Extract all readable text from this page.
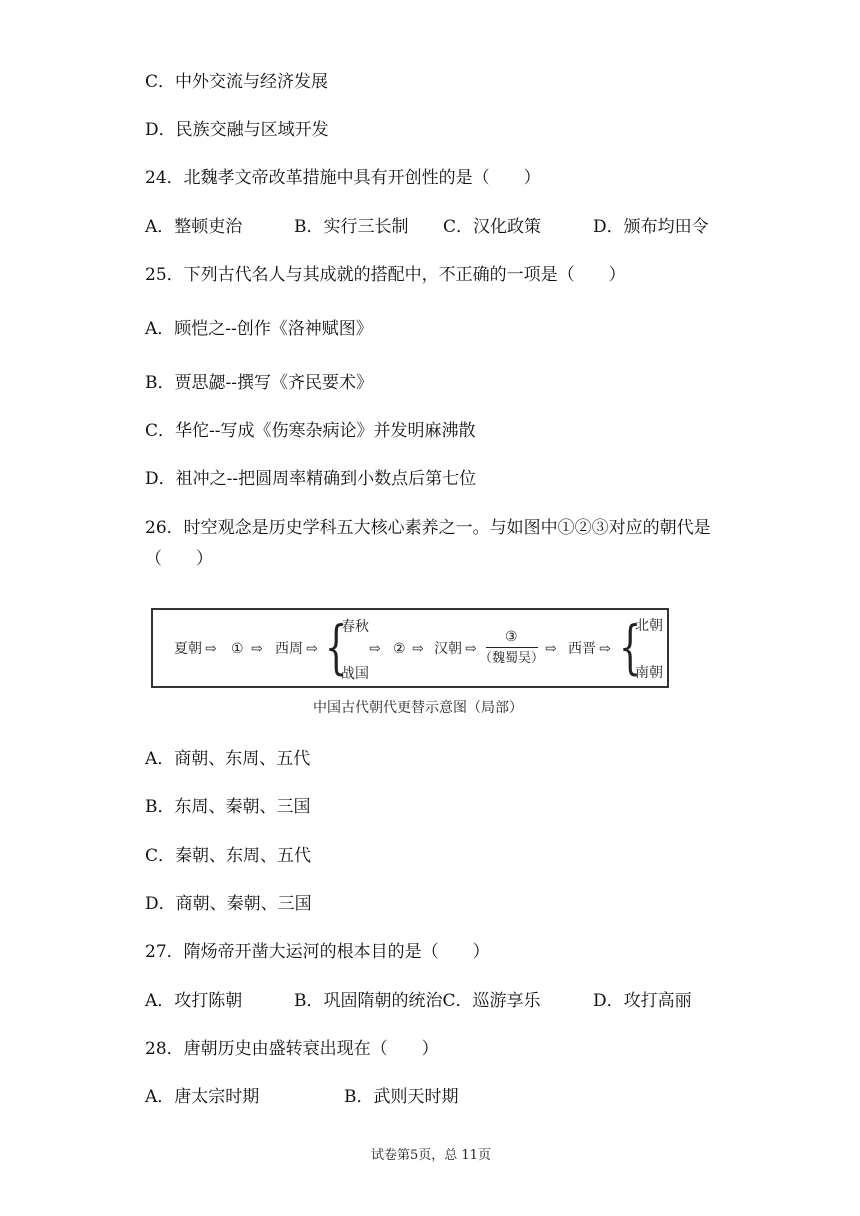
C．中外交流与经济发展
D．民族交融与区域开发
24．北魏孝文帝改革措施中具有开创性的是（　　）
A．整顿吏治	B．实行三长制 C．汉化政策	D．颁布均田令
25．下列古代名人与其成就的搭配中，不正确的一项是（　　）
A．顾恺之--创作《洛神赋图》
B．贾思勰--撰写《齐民要术》
C．华佗--写成《伤寒杂病论》并发明麻沸散
D．祖冲之--把圆周率精确到小数点后第七位
26．时空观念是历史学科五大核心素养之一。与如图中①②③对应的朝代是
（　　）
夏朝 ⇨ ① ⇨ 西周 ⇨ {
春秋
战国
⇨ ② ⇨ 汉朝 ⇨
③
（魏蜀吴）
⇨ 西晋 ⇨ {
北朝
南朝
中国古代朝代更替示意图（局部）
A．商朝、东周、五代
B．东周、秦朝、三国
C．秦朝、东周、五代
D．商朝、秦朝、三国
27．隋炀帝开凿大运河的根本目的是（　　）
A．攻打陈朝	B．巩固隋朝的统治C．巡游享乐	D．攻打高丽
28．唐朝历史由盛转衰出现在（　　）
A．唐太宗时期	B．武则天时期
试卷第5页，总 11页
